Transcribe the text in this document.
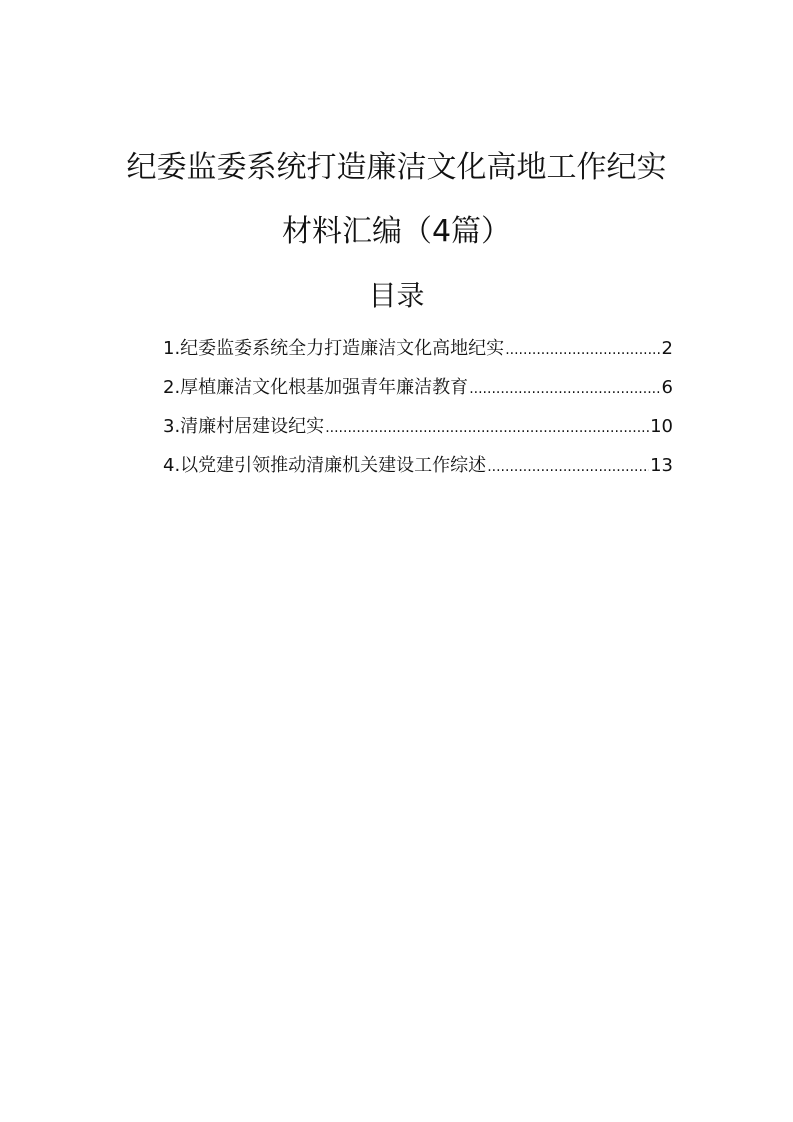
纪委监委系统打造廉洁文化高地工作纪实
材料汇编（4篇）
目录
1.纪委监委系统全力打造廉洁文化高地纪实 .....	2
2.厚植廉洁文化根基加强青年廉洁教育 .....	6
3.清廉村居建设纪实 .....	10
4.以党建引领推动清廉机关建设工作综述 .....	13
